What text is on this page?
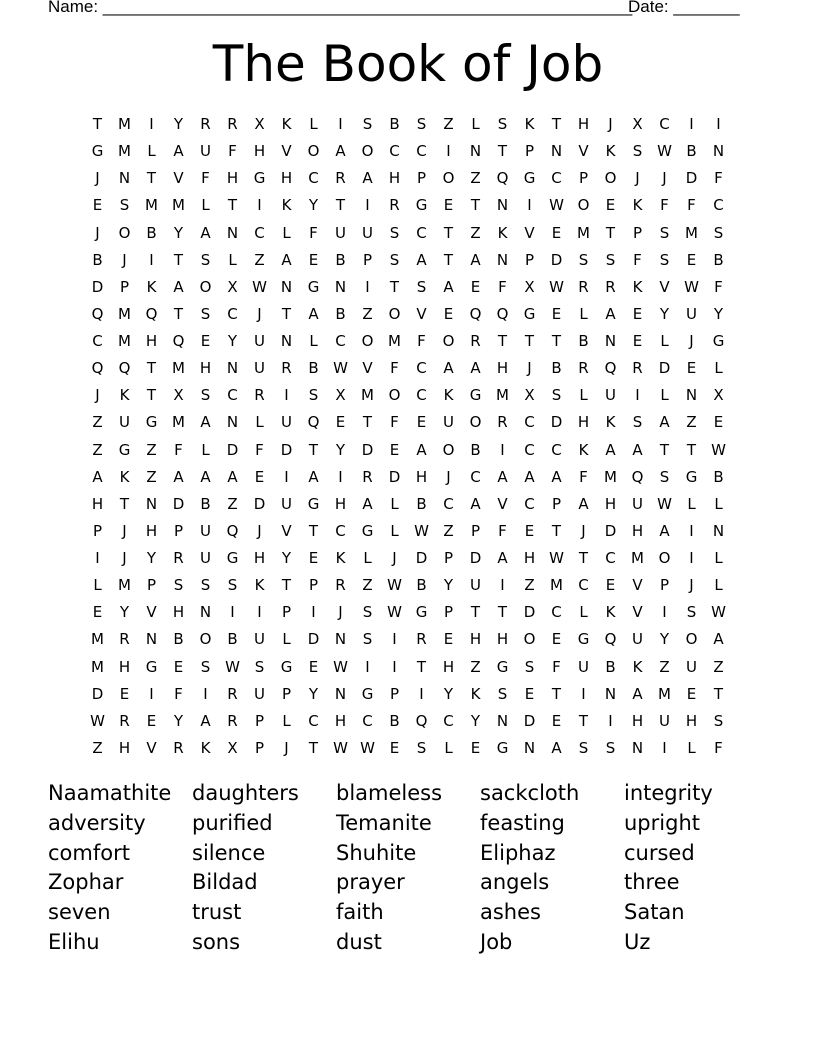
Name: ________________________________________________________
Date: _______
The Book of Job
T	M	I	Y	R	R	X	K	L	I	S	B	S	Z	L	S	K	T	H	J	X	C	I	I
G M	L	A	U	F	H	V	O	A	O	C	C	I	N	T	P	N	V	K	S W B	N
J	N	T	V	F	H	G	H	C	R	A	H	P	O	Z	Q	G	C	P	O	J	J	D	F
E	S	M M	L	T	I	K	Y	T	I	R	G	E	T	N	I	W O	E	K	F	F	C
J	O	B	Y	A	N	C	L	F	U	U	S	C	T	Z	K	V	E	M	T	P	S	M	S
B	J	I	T	S	L	Z	A	E	B	P	S	A	T	A	N	P	D	S	S	F	S	E	B
D	P	K	A	O	X W N	G	N	I	T	S	A	E	F	X W R	R	K	V W	F
Q M Q	T	S	C	J	T	A	B	Z	O	V	E	Q	Q	G	E	L	A	E	Y	U	Y
C	M H	Q	E	Y	U	N	L	C	O M	F	O	R	T	T	T	B	N	E	L	J	G
Q	Q	T	M H	N	U	R	B W V	F	C	A	A	H	J	B	R	Q	R	D	E	L
J	K	T	X	S	C	R	I	S	X	M O	C	K	G M	X	S	L	U	I	L	N	X
Z	U	G M	A	N	L	U	Q	E	T	F	E	U	O	R	C	D	H	K	S	A	Z	E
Z	G	Z	F	L	D	F	D	T	Y	D	E	A	O	B	I	C	C	K	A	A	T	T	W
A	K	Z	A	A	A	E	I	A	I	R	D	H	J	C	A	A	A	F	M Q	S	G	B
H	T	N	D	B	Z	D	U	G	H	A	L	B	C	A	V	C	P	A	H	U W	L	L
P	J	H	P	U	Q	J	V	T	C	G	L	W Z	P	F	E	T	J	D	H	A	I	N
I	J	Y	R	U	G	H	Y	E	K	L	J	D	P	D	A	H W T	C	M O	I	L
L	M	P	S	S	S	K	T	P	R	Z W B	Y	U	I	Z	M	C	E	V	P	J	L
E	Y	V	H	N	I	I	P	I	J	S W G	P	T	T	D	C	L	K	V	I	S W
M	R	N	B	O	B	U	L	D	N	S	I	R	E	H	H	O	E	G	Q	U	Y	O	A
M H	G	E	S W S	G	E W	I	I	T	H	Z	G	S	F	U	B	K	Z	U	Z
D	E	I	F	I	R	U	P	Y	N	G	P	I	Y	K	S	E	T	I	N	A	M	E	T
W R	E	Y	A	R	P	L	C	H	C	B	Q	C	Y	N	D	E	T	I	H	U	H	S
Z	H	V	R	K	X	P	J	T	W W E	S	L	E	G	N	A	S	S	N	I	L	F
Naamathite daughters	blameless	sackcloth	integrity
adversity	purified	Temanite	feasting	upright
comfort	silence	Shuhite	Eliphaz	cursed
Zophar	Bildad	prayer	angels	three
seven	trust	faith	ashes	Satan
Elihu	sons	dust	Job	Uz
